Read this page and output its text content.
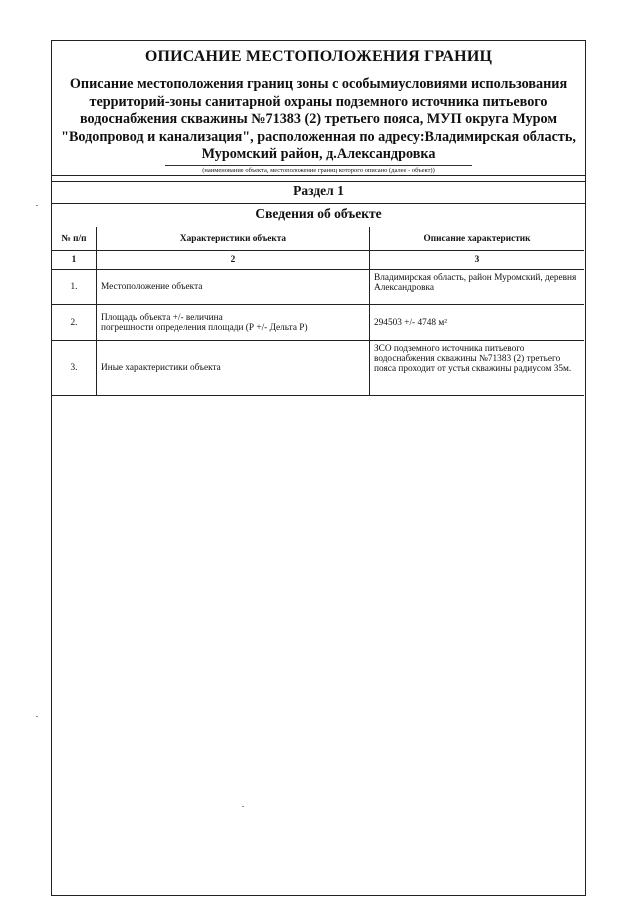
ОПИСАНИЕ МЕСТОПОЛОЖЕНИЯ ГРАНИЦ
Описание местоположения границ зоны с особымиусловиями использования
территорий-зоны санитарной охраны подземного источника питьевого
водоснабжения скважины №71383 (2) третьего пояса, МУП округа Муром
"Водопровод и канализация", расположенная по адресу:Владимирская область,
Муромский район, д.Александровка
(наименование объекта, местоположение границ которого описано (далее - объект))
Раздел 1
Сведения об объекте
№ п/п	Характеристики объекта	Описание характеристик
1	2	3
1.	Местоположение объекта	Владимирская область, район Муромский, деревня Александровка
2.	Площадь объекта +/- величина
погрешности определения площади (Р +/- Дельта Р)	294503 +/- 4748 м²
3.	Иные характеристики объекта	ЗСО подземного источника питьевого водоснабжения скважины №71383 (2) третьего пояса проходит от устья скважины радиусом 35м.
